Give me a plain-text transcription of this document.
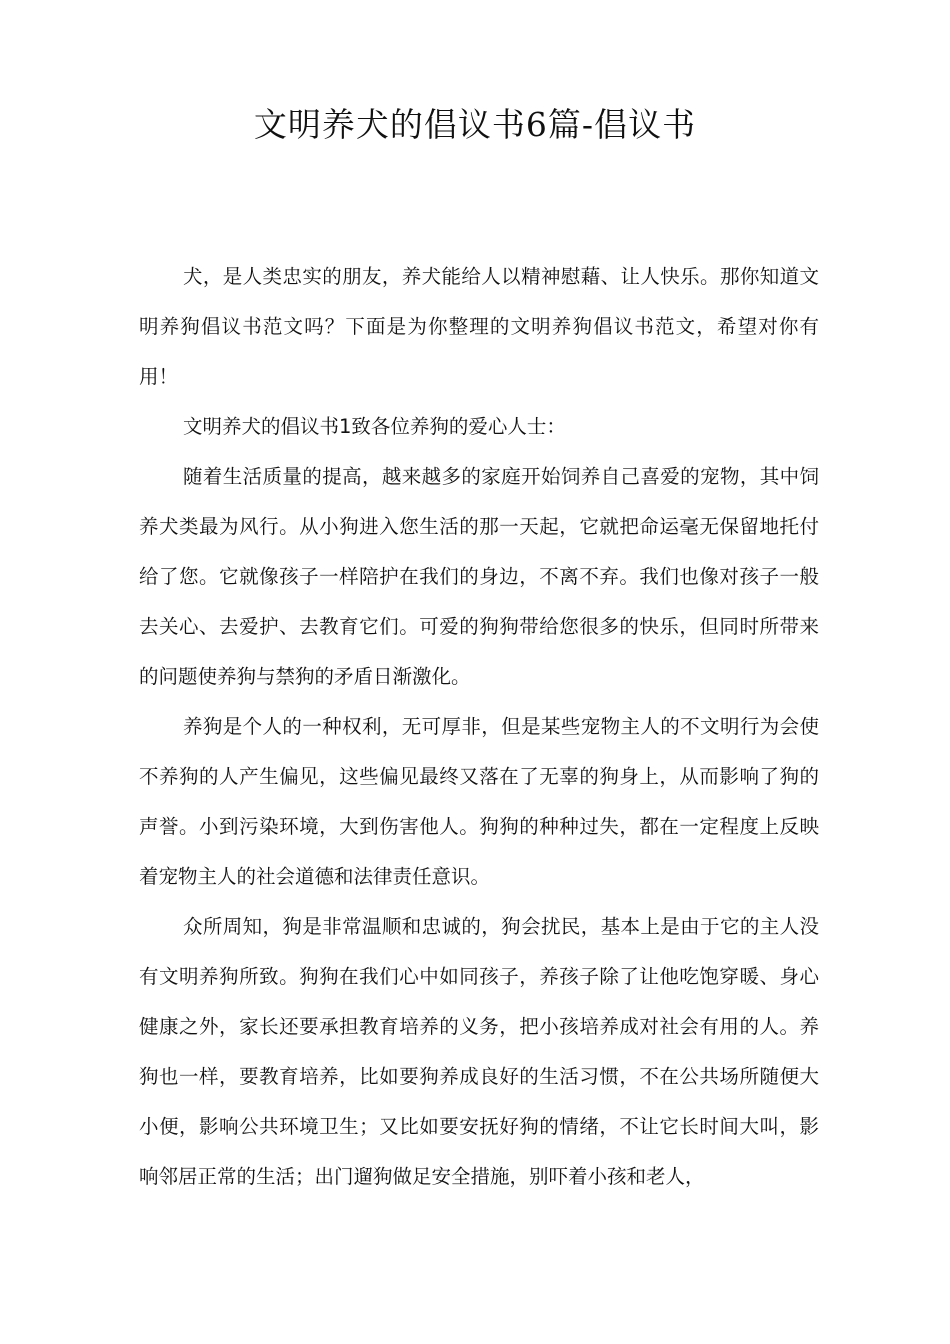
文明养犬的倡议书6篇-倡议书

犬，是人类忠实的朋友，养犬能给人以精神慰藉、让人快乐。那你知道文明养狗倡议书范文吗？下面是为你整理的文明养狗倡议书范文，希望对你有用！

文明养犬的倡议书1致各位养狗的爱心人士：

随着生活质量的提高，越来越多的家庭开始饲养自己喜爱的宠物，其中饲养犬类最为风行。从小狗进入您生活的那一天起，它就把命运毫无保留地托付给了您。它就像孩子一样陪护在我们的身边，不离不弃。我们也像对孩子一般去关心、去爱护、去教育它们。可爱的狗狗带给您很多的快乐，但同时所带来的问题使养狗与禁狗的矛盾日渐激化。

养狗是个人的一种权利，无可厚非，但是某些宠物主人的不文明行为会使不养狗的人产生偏见，这些偏见最终又落在了无辜的狗身上，从而影响了狗的声誉。小到污染环境，大到伤害他人。狗狗的种种过失，都在一定程度上反映着宠物主人的社会道德和法律责任意识。

众所周知，狗是非常温顺和忠诚的，狗会扰民，基本上是由于它的主人没有文明养狗所致。狗狗在我们心中如同孩子，养孩子除了让他吃饱穿暖、身心健康之外，家长还要承担教育培养的义务，把小孩培养成对社会有用的人。养狗也一样，要教育培养，比如要狗养成良好的生活习惯，不在公共场所随便大小便，影响公共环境卫生；又比如要安抚好狗的情绪，不让它长时间大叫，影响邻居正常的生活；出门遛狗做足安全措施，别吓着小孩和老人，
